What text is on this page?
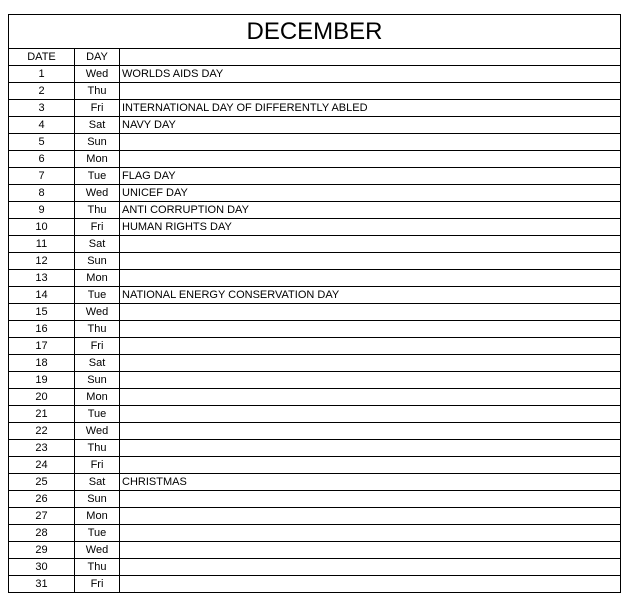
DECEMBER		
DATE	DAY	
1	Wed	WORLDS AIDS DAY
2	Thu	
3	Fri	INTERNATIONAL DAY OF DIFFERENTLY ABLED
4	Sat	NAVY DAY
5	Sun	
6	Mon	
7	Tue	FLAG DAY
8	Wed	UNICEF DAY
9	Thu	ANTI CORRUPTION DAY
10	Fri	HUMAN RIGHTS DAY
11	Sat	
12	Sun	
13	Mon	
14	Tue	NATIONAL ENERGY CONSERVATION DAY
15	Wed	
16	Thu	
17	Fri	
18	Sat	
19	Sun	
20	Mon	
21	Tue	
22	Wed	
23	Thu	
24	Fri	
25	Sat	CHRISTMAS
26	Sun	
27	Mon	
28	Tue	
29	Wed	
30	Thu	
31	Fri	
